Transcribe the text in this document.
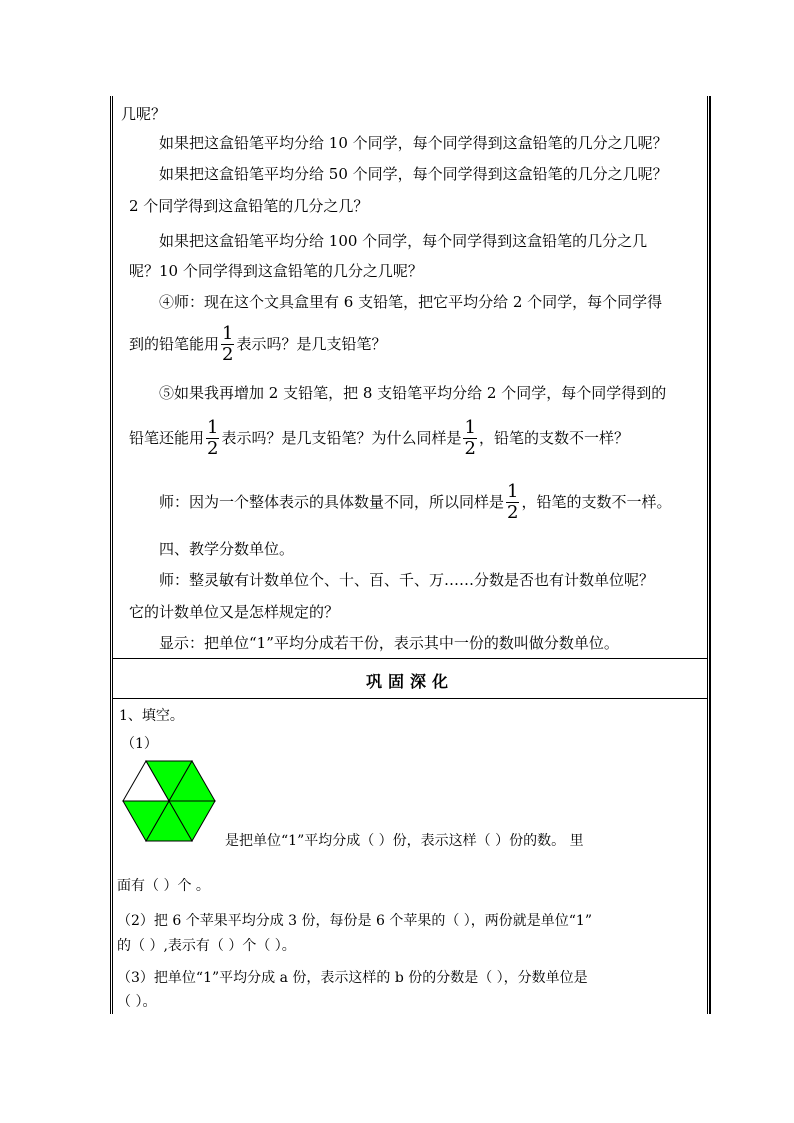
几呢？
如果把这盒铅笔平均分给 10 个同学，每个同学得到这盒铅笔的几分之几呢？
如果把这盒铅笔平均分给 50 个同学，每个同学得到这盒铅笔的几分之几呢？
2 个同学得到这盒铅笔的几分之几？
如果把这盒铅笔平均分给 100 个同学，每个同学得到这盒铅笔的几分之几
呢？10 个同学得到这盒铅笔的几分之几呢？
④师：现在这个文具盒里有 6 支铅笔，把它平均分给 2 个同学，每个同学得
到的铅笔能用 $\frac{1}{2}$ 表示吗？是几支铅笔？
⑤如果我再增加 2 支铅笔，把 8 支铅笔平均分给 2 个同学，每个同学得到的
铅笔还能用 $\frac{1}{2}$ 表示吗？是几支铅笔？为什么同样是 $\frac{1}{2}$ ，铅笔的支数不一样？
师：因为一个整体表示的具体数量不同，所以同样是 $\frac{1}{2}$ ，铅笔的支数不一样。
四、教学分数单位。
师：整灵敏有计数单位个、十、百、千、万……分数是否也有计数单位呢？
它的计数单位又是怎样规定的？
显示：把单位“1”平均分成若干份，表示其中一份的数叫做分数单位。
巩固深化
1、填空。
（1）
是把单位“1”平均分成（ ）份，表示这样（ ）份的数。 里
面有（ ）个 。
（2）把 6 个苹果平均分成 3 份，每份是 6 个苹果的（ ），两份就是单位“1”
的（ ）,表示有（ ）个（ ）。
（3）把单位“1”平均分成 a 份，表示这样的 b 份的分数是（ ），分数单位是
（ ）。
